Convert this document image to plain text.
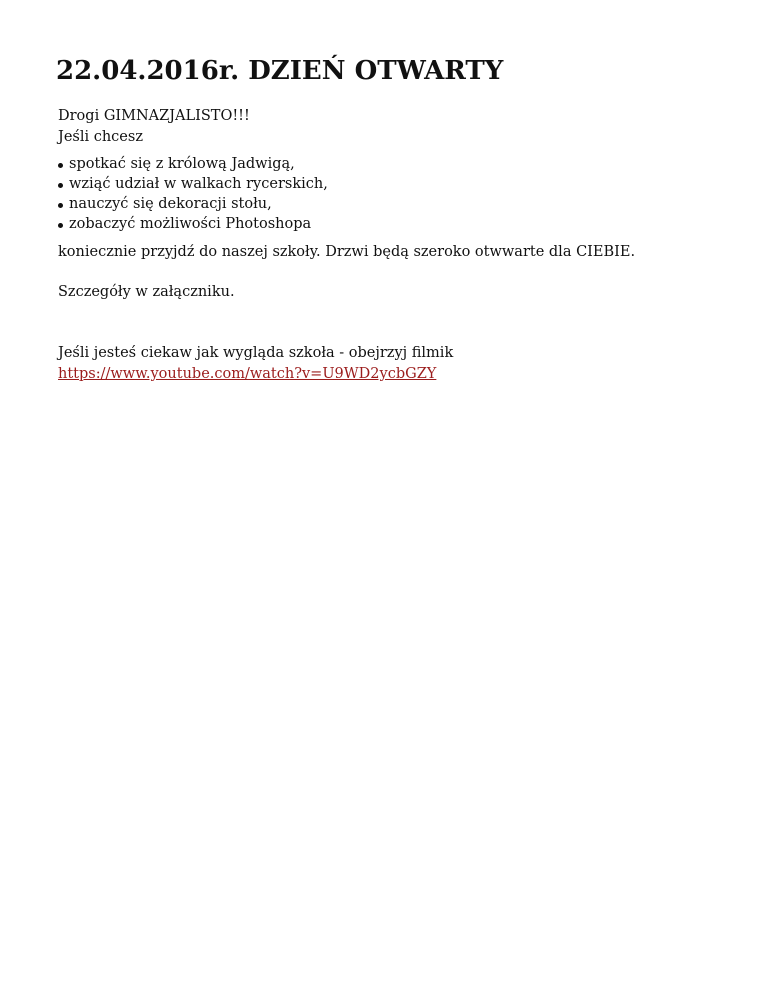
22.04.2016r. DZIEŃ OTWARTY
Drogi GIMNAZJALISTO!!!
Jeśli chcesz
spotkać się z królową Jadwigą,
wziąć udział w walkach rycerskich,
nauczyć się dekoracji stołu,
zobaczyć możliwości Photoshopa
koniecznie przyjdź do naszej szkoły. Drzwi będą szeroko otwwarte dla CIEBIE.
Szczegóły w załączniku.
Jeśli jesteś ciekaw jak wygląda szkoła - obejrzyj filmik
https://www.youtube.com/watch?v=U9WD2ycbGZY
